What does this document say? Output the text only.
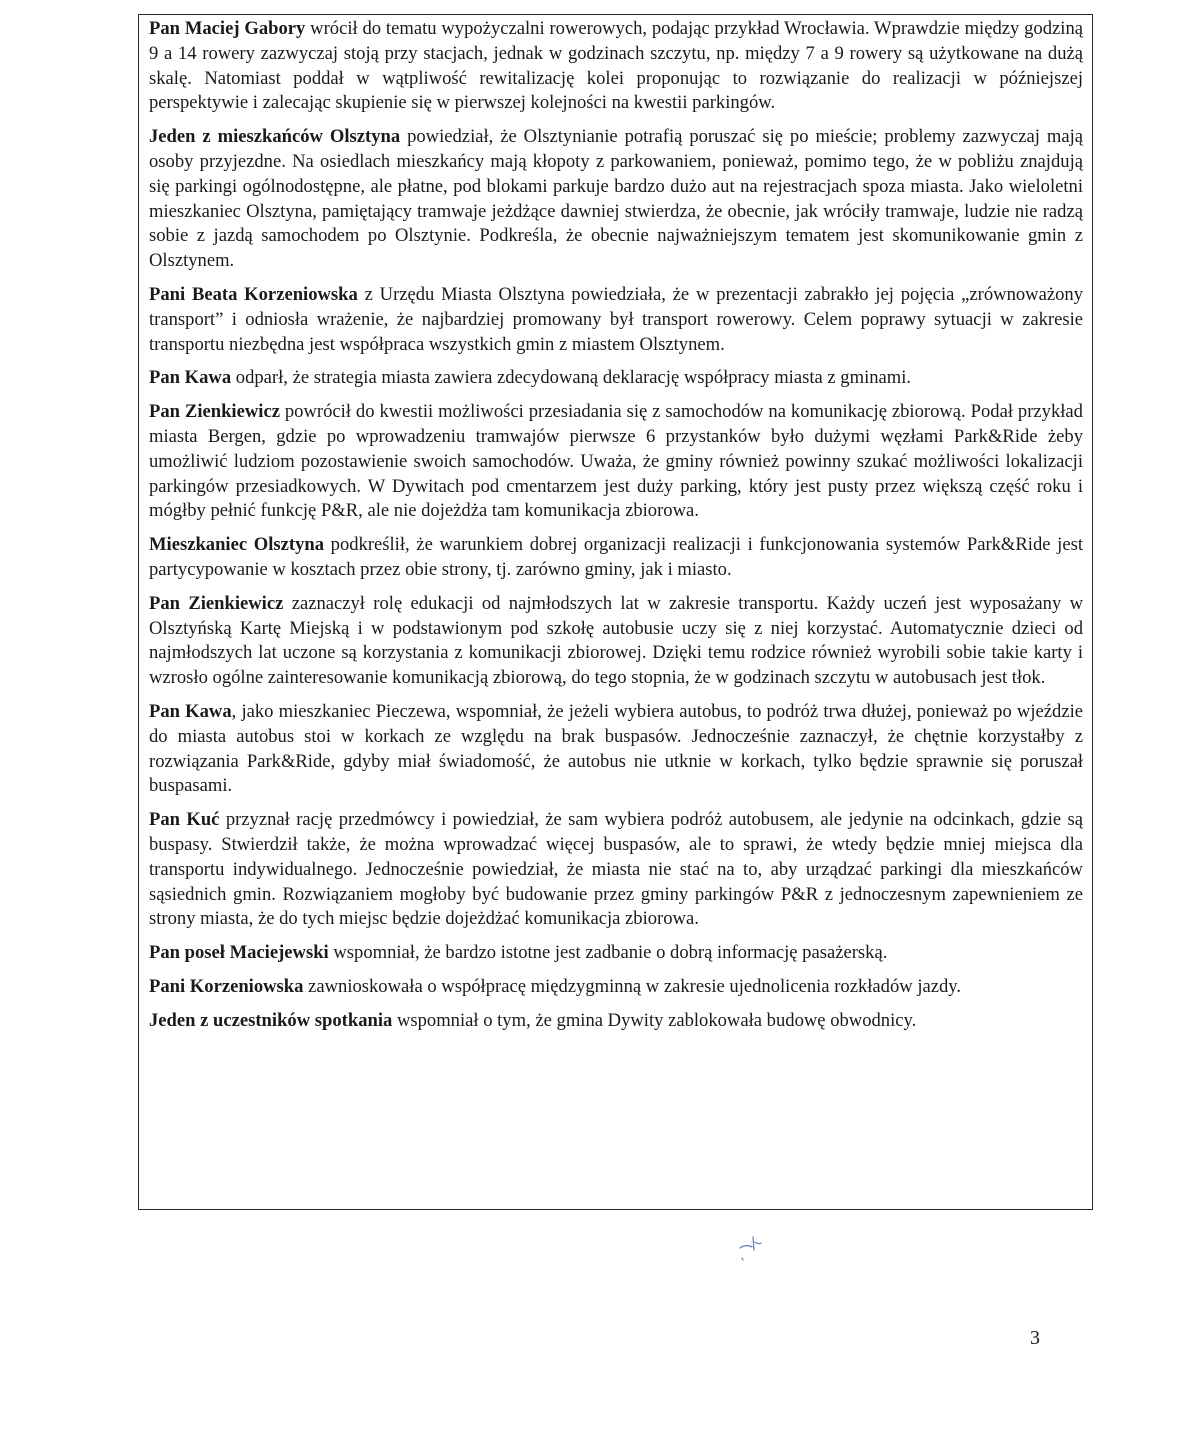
Pan Maciej Gabory wrócił do tematu wypożyczalni rowerowych, podając przykład Wrocławia. Wprawdzie między godziną 9 a 14 rowery zazwyczaj stoją przy stacjach, jednak w godzinach szczytu, np. między 7 a 9 rowery są użytkowane na dużą skalę. Natomiast poddał w wątpliwość rewitalizację kolei proponując to rozwiązanie do realizacji w późniejszej perspektywie i zalecając skupienie się w pierwszej kolejności na kwestii parkingów.

Jeden z mieszkańców Olsztyna powiedział, że Olsztynianie potrafią poruszać się po mieście; problemy zazwyczaj mają osoby przyjezdne. Na osiedlach mieszkańcy mają kłopoty z parkowaniem, ponieważ, pomimo tego, że w pobliżu znajdują się parkingi ogólnodostępne, ale płatne, pod blokami parkuje bardzo dużo aut na rejestracjach spoza miasta. Jako wieloletni mieszkaniec Olsztyna, pamiętający tramwaje jeżdżące dawniej stwierdza, że obecnie, jak wróciły tramwaje, ludzie nie radzą sobie z jazdą samochodem po Olsztynie. Podkreśla, że obecnie najważniejszym tematem jest skomunikowanie gmin z Olsztynem.

Pani Beata Korzeniowska z Urzędu Miasta Olsztyna powiedziała, że w prezentacji zabrakło jej pojęcia „zrównoważony transport” i odniosła wrażenie, że najbardziej promowany był transport rowerowy. Celem poprawy sytuacji w zakresie transportu niezbędna jest współpraca wszystkich gmin z miastem Olsztynem.

Pan Kawa odparł, że strategia miasta zawiera zdecydowaną deklarację współpracy miasta z gminami.

Pan Zienkiewicz powrócił do kwestii możliwości przesiadania się z samochodów na komunikację zbiorową. Podał przykład miasta Bergen, gdzie po wprowadzeniu tramwajów pierwsze 6 przystanków było dużymi węzłami Park&Ride żeby umożliwić ludziom pozostawienie swoich samochodów. Uważa, że gminy również powinny szukać możliwości lokalizacji parkingów przesiadkowych. W Dywitach pod cmentarzem jest duży parking, który jest pusty przez większą część roku i mógłby pełnić funkcję P&R, ale nie dojeżdża tam komunikacja zbiorowa.

Mieszkaniec Olsztyna podkreślił, że warunkiem dobrej organizacji realizacji i funkcjonowania systemów Park&Ride jest partycypowanie w kosztach przez obie strony, tj. zarówno gminy, jak i miasto.

Pan Zienkiewicz zaznaczył rolę edukacji od najmłodszych lat w zakresie transportu. Każdy uczeń jest wyposażany w Olsztyńską Kartę Miejską i w podstawionym pod szkołę autobusie uczy się z niej korzystać. Automatycznie dzieci od najmłodszych lat uczone są korzystania z komunikacji zbiorowej. Dzięki temu rodzice również wyrobili sobie takie karty i wzrosło ogólne zainteresowanie komunikacją zbiorową, do tego stopnia, że w godzinach szczytu w autobusach jest tłok.

Pan Kawa, jako mieszkaniec Pieczewa, wspomniał, że jeżeli wybiera autobus, to podróż trwa dłużej, ponieważ po wjeździe do miasta autobus stoi w korkach ze względu na brak buspasów. Jednocześnie zaznaczył, że chętnie korzystałby z rozwiązania Park&Ride, gdyby miał świadomość, że autobus nie utknie w korkach, tylko będzie sprawnie się poruszał buspasami.

Pan Kuć przyznał rację przedmówcy i powiedział, że sam wybiera podróż autobusem, ale jedynie na odcinkach, gdzie są buspasy. Stwierdził także, że można wprowadzać więcej buspasów, ale to sprawi, że wtedy będzie mniej miejsca dla transportu indywidualnego. Jednocześnie powiedział, że miasta nie stać na to, aby urządzać parkingi dla mieszkańców sąsiednich gmin. Rozwiązaniem mogłoby być budowanie przez gminy parkingów P&R z jednoczesnym zapewnieniem ze strony miasta, że do tych miejsc będzie dojeżdżać komunikacja zbiorowa.

Pan poseł Maciejewski wspomniał, że bardzo istotne jest zadbanie o dobrą informację pasażerską.

Pani Korzeniowska zawnioskowała o współpracę międzygminną w zakresie ujednolicenia rozkładów jazdy.

Jeden z uczestników spotkania wspomniał o tym, że gmina Dywity zablokowała budowę obwodnicy.

3
